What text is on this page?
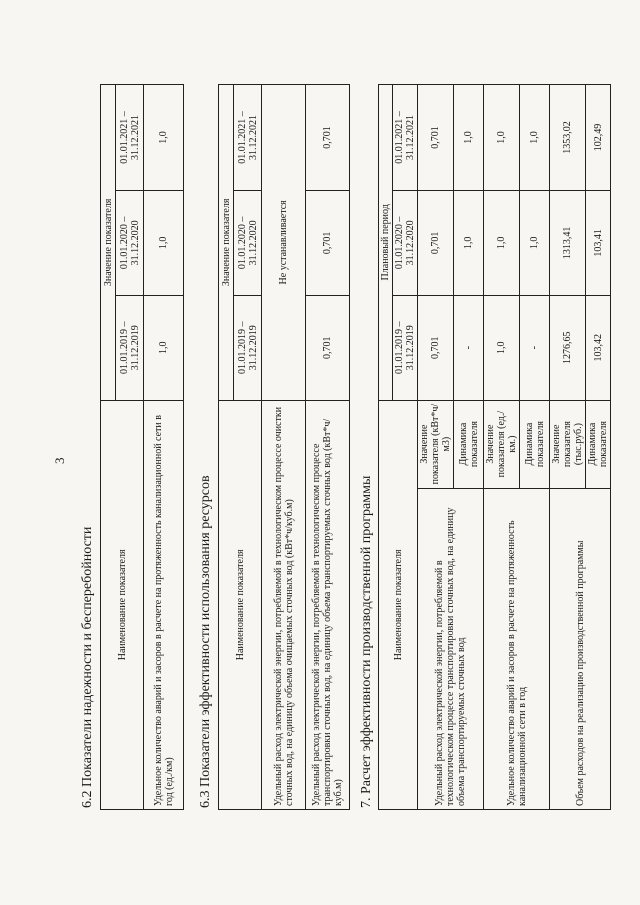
3
6.2 Показатели надежности и бесперебойности Наименование показателя	Значение показателя		
	01.01.2019 – 31.12.2019	01.01.2020 – 31.12.2020	01.01.2021 – 31.12.2021
Удельное количество аварий и засоров в расчете на протяженность канализационной сети в год (ед./км)	1,0	1,0	1,0
6.3 Показатели эффективности использования ресурсов Наименование показателя	Значение показателя		
	01.01.2019 – 31.12.2019	01.01.2020 – 31.12.2020	01.01.2021 – 31.12.2021
Удельный расход электрической энергии, потребляемой в технологическом процессе очистки сточных вод, на единицу объема очищаемых сточных вод (кВт*ч/куб.м)	Не устанавливается		
Удельный расход электрической энергии, потребляемой в технологическом процессе транспортировки сточных вод, на единицу объема транспортируемых сточных вод (кВт*ч/куб.м)	0,701	0,701	0,701
7. Расчет эффективности производственной программы Наименование показателя		Плановый период		
		01.01.2019 – 31.12.2019	01.01.2020 – 31.12.2020	01.01.2021 – 31.12.2021
Удельный расход электрической энергии, потребляемой в технологическом процессе транспортировки сточных вод, на единицу объема транспортируемых сточных вод	Значение показателя (кВт*ч/м3)	0,701	0,701	0,701
	Динамика показателя	-	1,0	1,0
Удельное количество аварий и засоров в расчете на протяженность канализационной сети в год	Значение показателя (ед./км.)	1,0	1,0	1,0
	Динамика показателя	-	1,0	1,0
Объем расходов на реализацию производственной программы	Значение показателя (тыс.руб.)	1276,65	1313,41	1353,02
	Динамика показателя	103,42	103,41	102,49
